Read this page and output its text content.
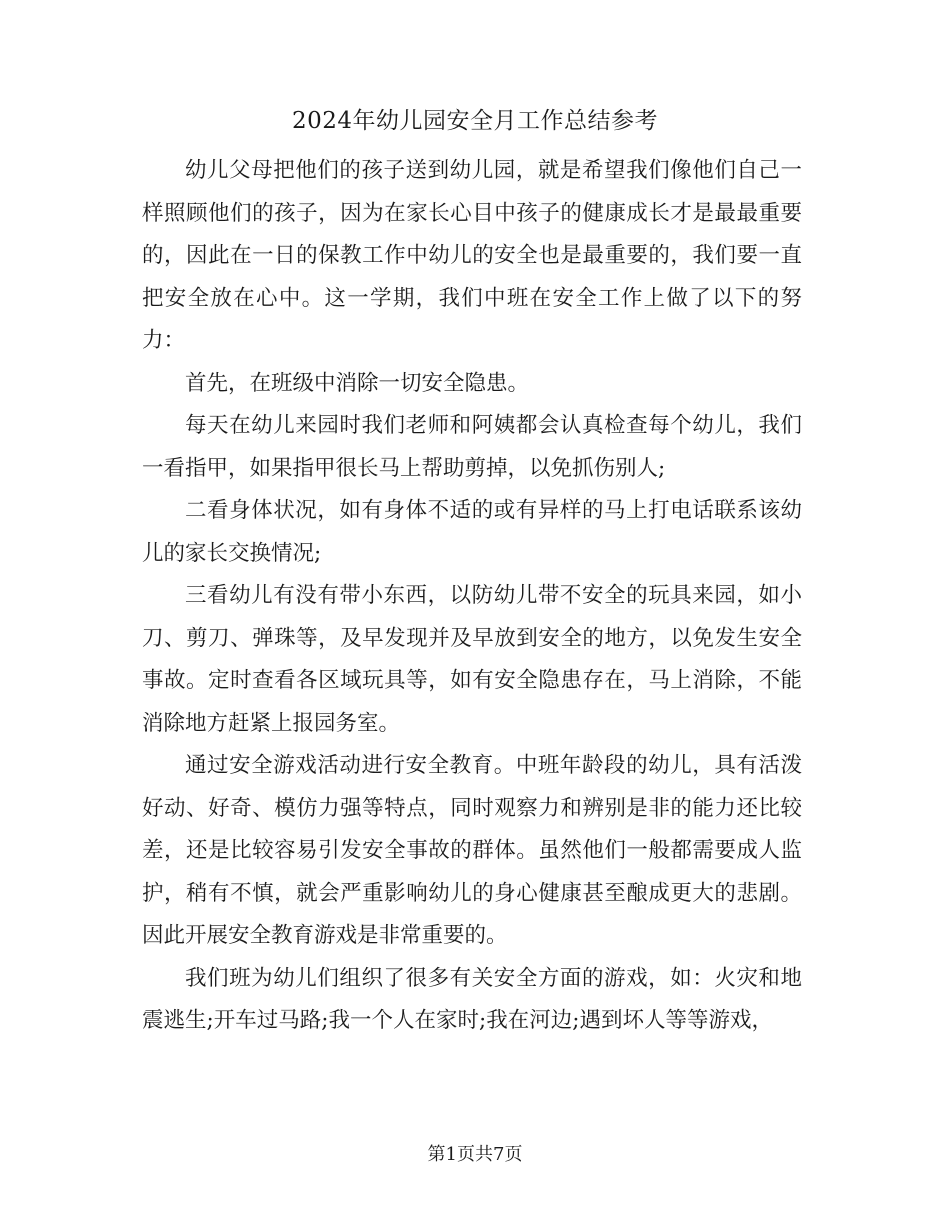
2024年幼儿园安全月工作总结参考

幼儿父母把他们的孩子送到幼儿园，就是希望我们像他们自己一样照顾他们的孩子，因为在家长心目中孩子的健康成长才是最最重要的，因此在一日的保教工作中幼儿的安全也是最重要的，我们要一直把安全放在心中。这一学期，我们中班在安全工作上做了以下的努力：

首先，在班级中消除一切安全隐患。

每天在幼儿来园时我们老师和阿姨都会认真检查每个幼儿，我们一看指甲，如果指甲很长马上帮助剪掉，以免抓伤别人;

二看身体状况，如有身体不适的或有异样的马上打电话联系该幼儿的家长交换情况;

三看幼儿有没有带小东西，以防幼儿带不安全的玩具来园，如小刀、剪刀、弹珠等，及早发现并及早放到安全的地方，以免发生安全事故。定时查看各区域玩具等，如有安全隐患存在，马上消除，不能消除地方赶紧上报园务室。

通过安全游戏活动进行安全教育。中班年龄段的幼儿，具有活泼好动、好奇、模仿力强等特点，同时观察力和辨别是非的能力还比较差，还是比较容易引发安全事故的群体。虽然他们一般都需要成人监护，稍有不慎，就会严重影响幼儿的身心健康甚至酿成更大的悲剧。因此开展安全教育游戏是非常重要的。

我们班为幼儿们组织了很多有关安全方面的游戏，如：火灾和地震逃生;开车过马路;我一个人在家时;我在河边;遇到坏人等等游戏，

第1页共7页
